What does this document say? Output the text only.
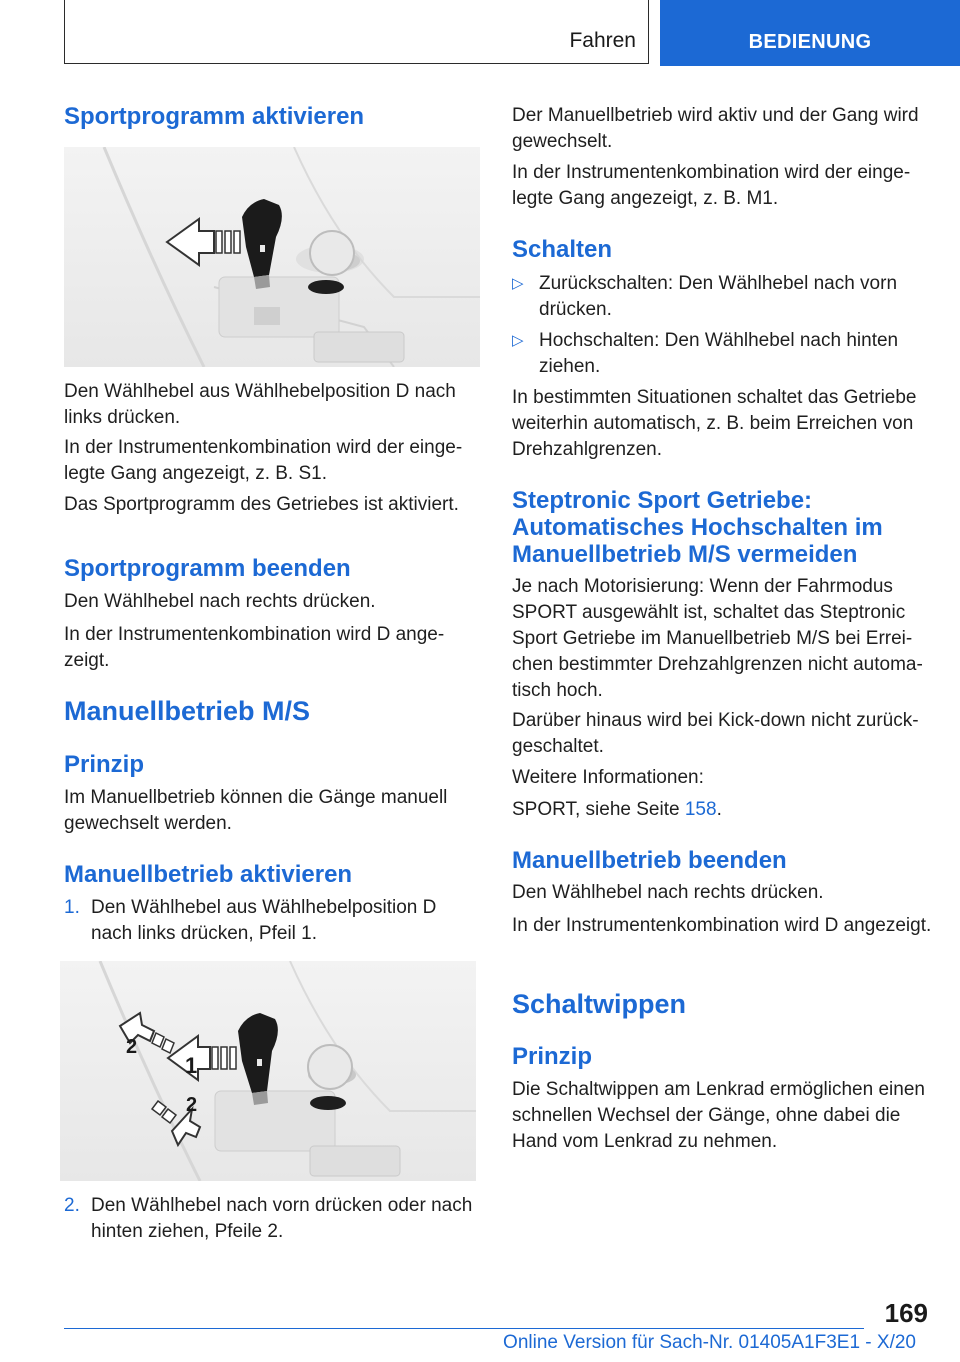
Fahren	BEDIENUNG
Sportprogramm aktivieren

Den Wählhebel aus Wählhebelposition D nach links drücken.

In der Instrumentenkombination wird der eingelegte Gang angezeigt, z. B. S1.

Das Sportprogramm des Getriebes ist aktiviert.

Sportprogramm beenden

Den Wählhebel nach rechts drücken.

In der Instrumentenkombination wird D angezeigt.

Manuellbetrieb M/S
Prinzip

Im Manuellbetrieb können die Gänge manuell gewechselt werden.

Manuellbetrieb aktivieren
1. Den Wählhebel aus Wählhebelposition D nach links drücken, Pfeil 1.
1
2
2
2. Den Wählhebel nach vorn drücken oder nach hinten ziehen, Pfeile 2.

Der Manuellbetrieb wird aktiv und der Gang wird gewechselt.

In der Instrumentenkombination wird der eingelegte Gang angezeigt, z. B. M1.

Schalten
▷ Zurückschalten: Den Wählhebel nach vorn drücken.
▷ Hochschalten: Den Wählhebel nach hinten ziehen.

In bestimmten Situationen schaltet das Getriebe weiterhin automatisch, z. B. beim Erreichen von Drehzahlgrenzen.

Steptronic Sport Getriebe: Automatisches Hochschalten im Manuellbetrieb M/S vermeiden

Je nach Motorisierung: Wenn der Fahrmodus SPORT ausgewählt ist, schaltet das Steptronic Sport Getriebe im Manuellbetrieb M/S bei Erreichen bestimmter Drehzahlgrenzen nicht automatisch hoch.

Darüber hinaus wird bei Kick-down nicht zurückgeschaltet.

Weitere Informationen:

SPORT, siehe Seite 158.

Manuellbetrieb beenden

Den Wählhebel nach rechts drücken.

In der Instrumentenkombination wird D angezeigt.

Schaltwippen
Prinzip

Die Schaltwippen am Lenkrad ermöglichen einen schnellen Wechsel der Gänge, ohne dabei die Hand vom Lenkrad zu nehmen.

169
Online Version für Sach-Nr. 01405A1F3E1 - X/20
